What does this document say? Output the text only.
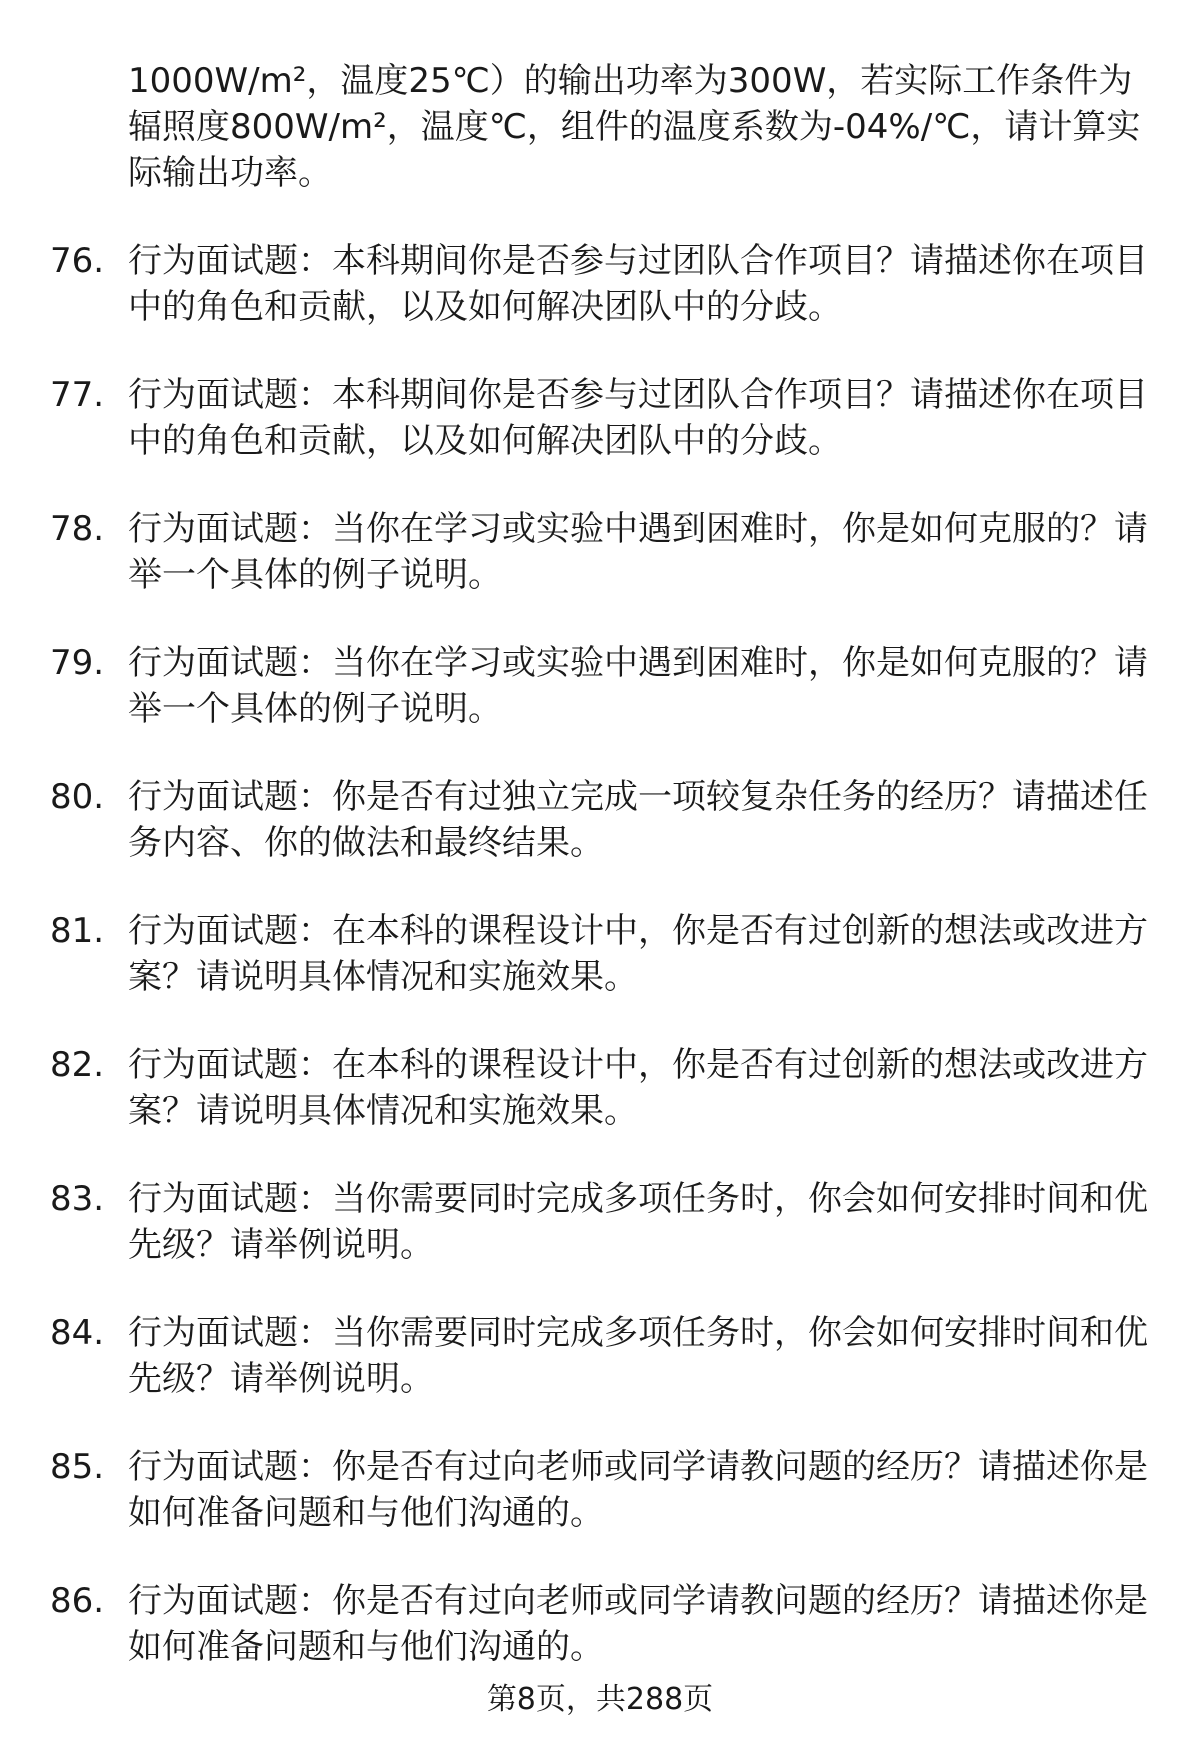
1000W/m²，温度25℃）的输出功率为300W，若实际工作条件为辐照度800W/m²，温度℃，组件的温度系数为-04%/℃，请计算实际输出功率。
76. 行为面试题：本科期间你是否参与过团队合作项目？请描述你在项目中的角色和贡献，以及如何解决团队中的分歧。
77. 行为面试题：本科期间你是否参与过团队合作项目？请描述你在项目中的角色和贡献，以及如何解决团队中的分歧。
78. 行为面试题：当你在学习或实验中遇到困难时，你是如何克服的？请举一个具体的例子说明。
79. 行为面试题：当你在学习或实验中遇到困难时，你是如何克服的？请举一个具体的例子说明。
80. 行为面试题：你是否有过独立完成一项较复杂任务的经历？请描述任务内容、你的做法和最终结果。
81. 行为面试题：在本科的课程设计中，你是否有过创新的想法或改进方案？请说明具体情况和实施效果。
82. 行为面试题：在本科的课程设计中，你是否有过创新的想法或改进方案？请说明具体情况和实施效果。
83. 行为面试题：当你需要同时完成多项任务时，你会如何安排时间和优先级？请举例说明。
84. 行为面试题：当你需要同时完成多项任务时，你会如何安排时间和优先级？请举例说明。
85. 行为面试题：你是否有过向老师或同学请教问题的经历？请描述你是如何准备问题和与他们沟通的。
86. 行为面试题：你是否有过向老师或同学请教问题的经历？请描述你是如何准备问题和与他们沟通的。
第8页，共288页
